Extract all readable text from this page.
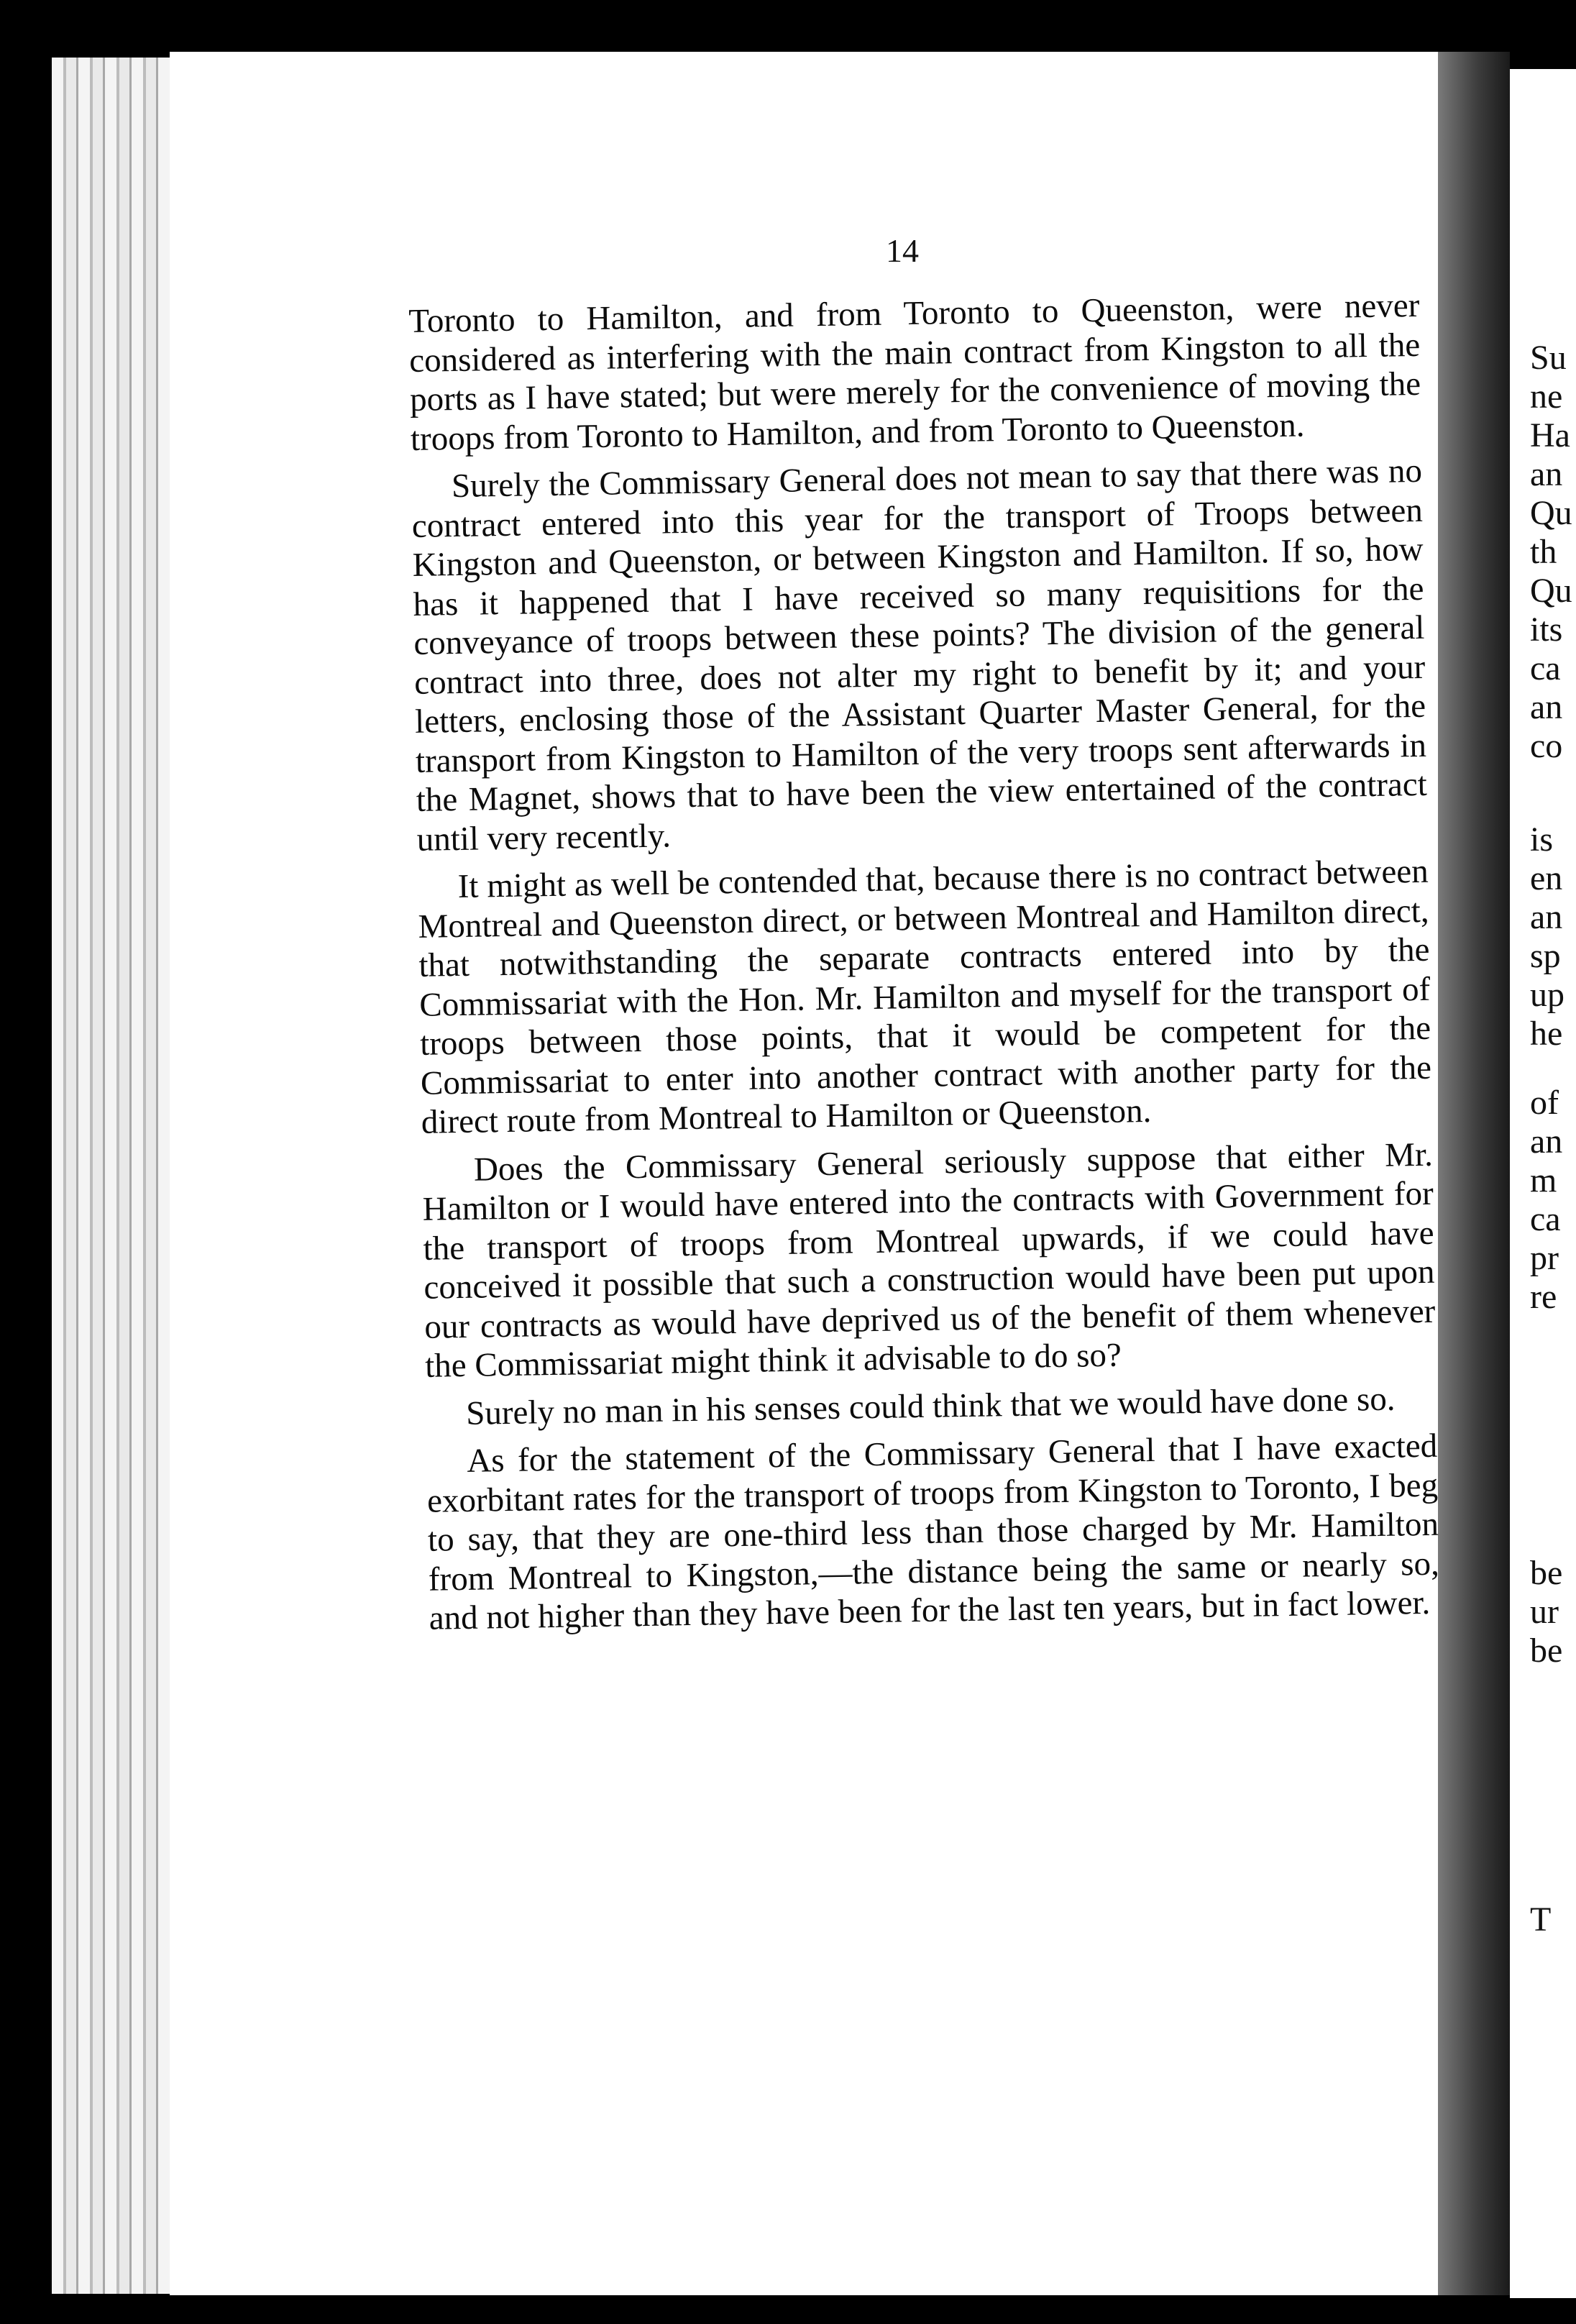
Su
ne
Ha
an
Qu
th
Qu
its
ca
an
co
is
en
an
sp
up
he
of
an
m
ca
pr
re
be
ur
be
T
14

Toronto to Hamilton, and from Toronto to Queenston, were never considered as interfering with the main contract from Kingston to all the ports as I have stated; but were merely for the convenience of moving the troops from Toronto to Hamilton, and from Toronto to Queenston.

Surely the Commissary General does not mean to say that there was no contract entered into this year for the transport of Troops between Kingston and Queenston, or between Kingston and Hamilton. If so, how has it happened that I have received so many requisitions for the conveyance of troops between these points? The division of the general contract into three, does not alter my right to benefit by it; and your letters, enclosing those of the Assistant Quarter Master General, for the transport from Kingston to Hamilton of the very troops sent afterwards in the Magnet, shows that to have been the view entertained of the contract until very recently.

It might as well be contended that, because there is no contract between Montreal and Queenston direct, or between Montreal and Hamilton direct, that notwithstanding the separate contracts entered into by the Commissariat with the Hon. Mr. Hamilton and myself for the transport of troops between those points, that it would be competent for the Commissariat to enter into another contract with another party for the direct route from Montreal to Hamilton or Queenston.

Does the Commissary General seriously suppose that either Mr. Hamilton or I would have entered into the contracts with Government for the transport of troops from Montreal upwards, if we could have conceived it possible that such a construction would have been put upon our contracts as would have deprived us of the benefit of them whenever the Commissariat might think it advisable to do so?

Surely no man in his senses could think that we would have done so.

As for the statement of the Commissary General that I have exacted exorbitant rates for the transport of troops from Kingston to Toronto, I beg to say, that they are one-third less than those charged by Mr. Hamilton from Montreal to Kingston,—the distance being the same or nearly so, and not higher than they have been for the last ten years, but in fact lower.
